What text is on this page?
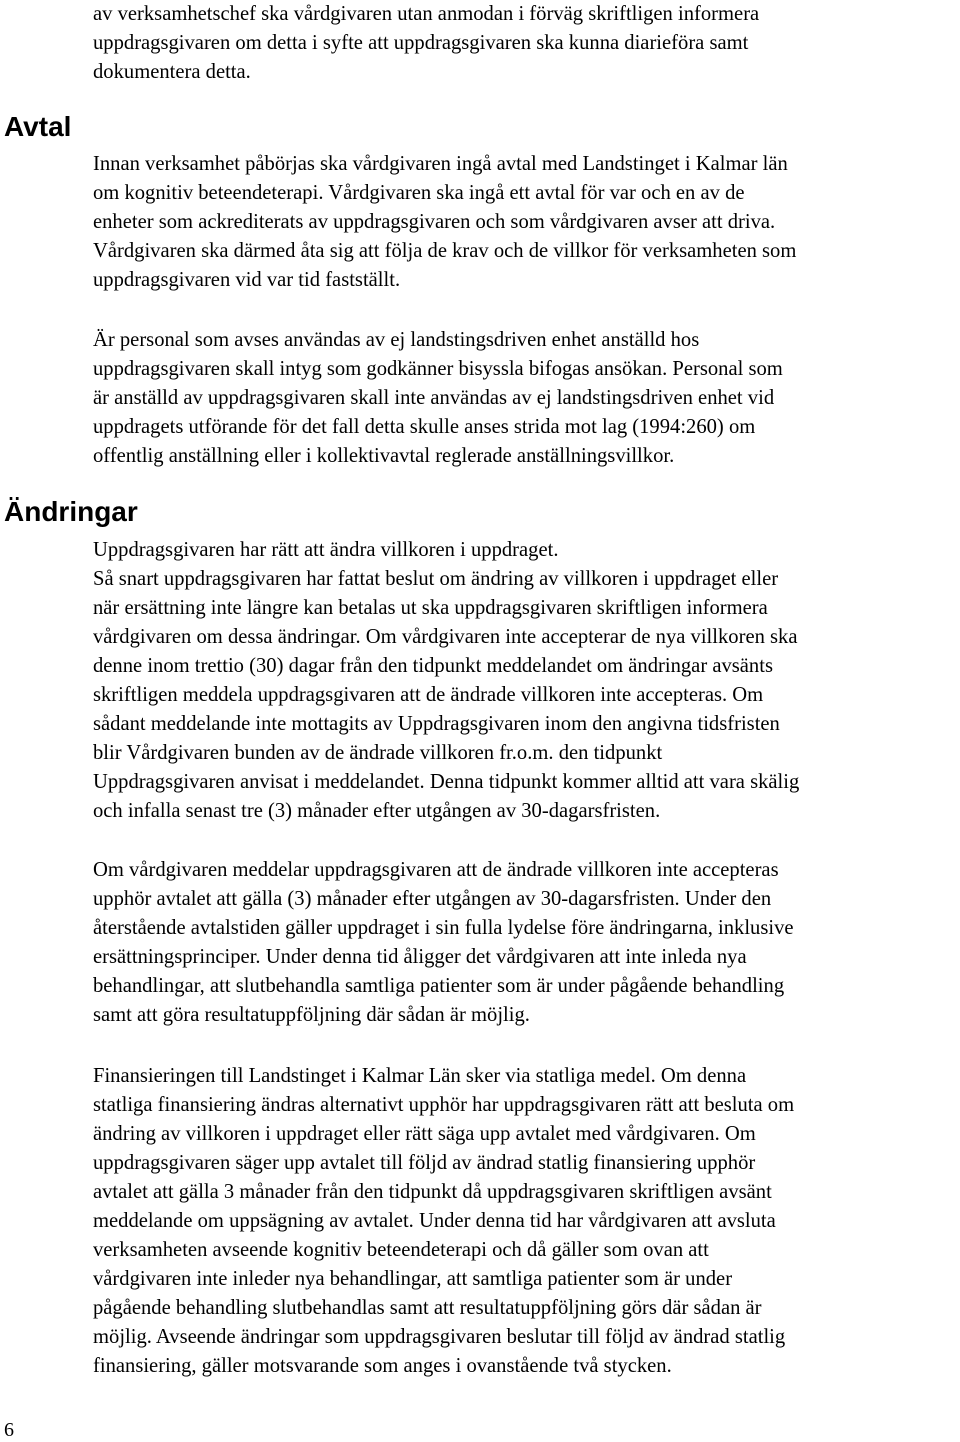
Avtal
Ändringar

av verksamhetschef ska vårdgivaren utan anmodan i förväg skriftligen informera
uppdragsgivaren om detta i syfte att uppdragsgivaren ska kunna diarieföra samt
dokumentera detta.

Innan verksamhet påbörjas ska vårdgivaren ingå avtal med Landstinget i Kalmar län
om kognitiv beteendeterapi. Vårdgivaren ska ingå ett avtal för var och en av de
enheter som ackrediterats av uppdragsgivaren och som vårdgivaren avser att driva.
Vårdgivaren ska därmed åta sig att följa de krav och de villkor för verksamheten som
uppdragsgivaren vid var tid fastställt.

Är personal som avses användas av ej landstingsdriven enhet anställd hos
uppdragsgivaren skall intyg som godkänner bisyssla bifogas ansökan. Personal som
är anställd av uppdragsgivaren skall inte användas av ej landstingsdriven enhet vid
uppdragets utförande för det fall detta skulle anses strida mot lag (1994:260) om
offentlig anställning eller i kollektivavtal reglerade anställningsvillkor.

Uppdragsgivaren har rätt att ändra villkoren i uppdraget.
Så snart uppdragsgivaren har fattat beslut om ändring av villkoren i uppdraget eller
när ersättning inte längre kan betalas ut ska uppdragsgivaren skriftligen informera
vårdgivaren om dessa ändringar. Om vårdgivaren inte accepterar de nya villkoren ska
denne inom trettio (30) dagar från den tidpunkt meddelandet om ändringar avsänts
skriftligen meddela uppdragsgivaren att de ändrade villkoren inte accepteras. Om
sådant meddelande inte mottagits av Uppdragsgivaren inom den angivna tidsfristen
blir Vårdgivaren bunden av de ändrade villkoren fr.o.m. den tidpunkt
Uppdragsgivaren anvisat i meddelandet. Denna tidpunkt kommer alltid att vara skälig
och infalla senast tre (3) månader efter utgången av 30-dagarsfristen.

Om vårdgivaren meddelar uppdragsgivaren att de ändrade villkoren inte accepteras
upphör avtalet att gälla (3) månader efter utgången av 30-dagarsfristen. Under den
återstående avtalstiden gäller uppdraget i sin fulla lydelse före ändringarna, inklusive
ersättningsprinciper. Under denna tid åligger det vårdgivaren att inte inleda nya
behandlingar, att slutbehandla samtliga patienter som är under pågående behandling
samt att göra resultatuppföljning där sådan är möjlig.

Finansieringen till Landstinget i Kalmar Län sker via statliga medel. Om denna
statliga finansiering ändras alternativt upphör har uppdragsgivaren rätt att besluta om
ändring av villkoren i uppdraget eller rätt säga upp avtalet med vårdgivaren. Om
uppdragsgivaren säger upp avtalet till följd av ändrad statlig finansiering upphör
avtalet att gälla 3 månader från den tidpunkt då uppdragsgivaren skriftligen avsänt
meddelande om uppsägning av avtalet. Under denna tid har vårdgivaren att avsluta
verksamheten avseende kognitiv beteendeterapi och då gäller som ovan att
vårdgivaren inte inleder nya behandlingar, att samtliga patienter som är under
pågående behandling slutbehandlas samt att resultatuppföljning görs där sådan är
möjlig. Avseende ändringar som uppdragsgivaren beslutar till följd av ändrad statlig
finansiering, gäller motsvarande som anges i ovanstående två stycken.

6
